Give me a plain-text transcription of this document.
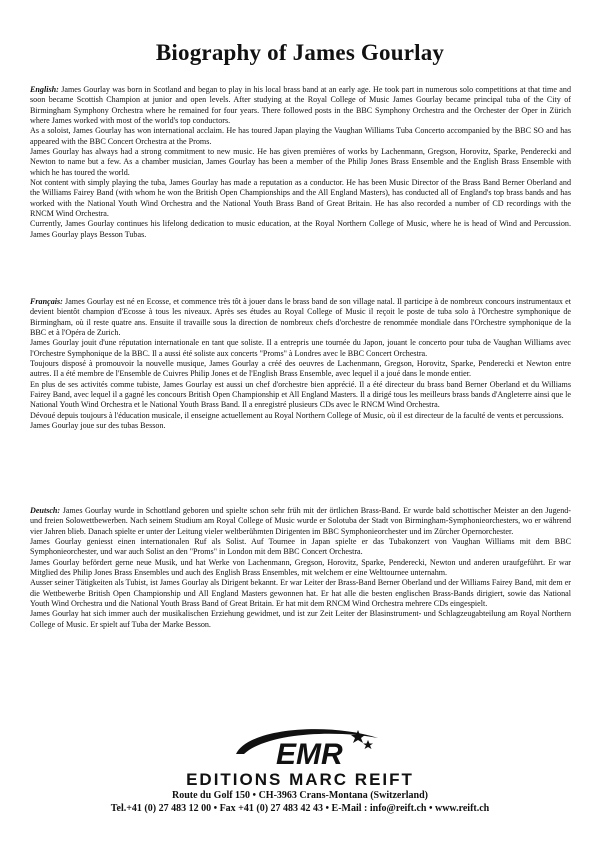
Biography of James Gourlay

English: James Gourlay was born in Scotland and began to play in his local brass band at an early age. He took part in numerous solo competitions at that time and soon became Scottish Champion at junior and open levels. After studying at the Royal College of Music James Gourlay became principal tuba of the City of Birmingham Symphony Orchestra where he remained for four years. There followed posts in the BBC Symphony Orchestra and the Orchester der Oper in Zürich where James worked with most of the world's top conductors.

As a soloist, James Gourlay has won international acclaim. He has toured Japan playing the Vaughan Williams Tuba Concerto accompanied by the BBC SO and has appeared with the BBC Concert Orchestra at the Proms.

James Gourlay has always had a strong commitment to new music. He has given premières of works by Lachenmann, Gregson, Horovitz, Sparke, Penderecki and Newton to name but a few. As a chamber musician, James Gourlay has been a member of the Philip Jones Brass Ensemble and the English Brass Ensemble with which he has toured the world.

Not content with simply playing the tuba, James Gourlay has made a reputation as a conductor. He has been Music Director of the Brass Band Berner Oberland and the Williams Fairey Band (with whom he won the British Open Championships and the All England Masters), has conducted all of England's top brass bands and has worked with the National Youth Wind Orchestra and the National Youth Brass Band of Great Britain. He has also recorded a number of CD recordings with the RNCM Wind Orchestra.

Currently, James Gourlay continues his lifelong dedication to music education, at the Royal Northern College of Music, where he is head of Wind and Percussion. James Gourlay plays Besson Tubas.

Français: James Gourlay est né en Ecosse, et commence très tôt à jouer dans le brass band de son village natal. Il participe à de nombreux concours instrumentaux et devient bientôt champion d'Ecosse à tous les niveaux. Après ses études au Royal College of Music il reçoit le poste de tuba solo à l'Orchestre symphonique de Birmingham, où il reste quatre ans. Ensuite il travaille sous la direction de nombreux chefs d'orchestre de renommée mondiale dans l'Orchestre symphonique de la BBC et à l'Opéra de Zurich.

James Gourlay jouit d'une réputation internationale en tant que soliste. Il a entrepris une tournée du Japon, jouant le concerto pour tuba de Vaughan Williams avec l'Orchestre Symphonique de la BBC. Il a aussi été soliste aux concerts "Proms" à Londres avec le BBC Concert Orchestra.

Toujours disposé à promouvoir la nouvelle musique, James Gourlay a créé des oeuvres de Lachenmann, Gregson, Horovitz, Sparke, Penderecki et Newton entre autres. Il a été membre de l'Ensemble de Cuivres Philip Jones et de l'English Brass Ensemble, avec lequel il a joué dans le monde entier.

En plus de ses activités comme tubiste, James Gourlay est aussi un chef d'orchestre bien apprécié. Il a été directeur du brass band Berner Oberland et du Williams Fairey Band, avec lequel il a gagné les concours British Open Championship et All England Masters. Il a dirigé tous les meilleurs brass bands d'Angleterre ainsi que le National Youth Wind Orchestra et le National Youth Brass Band. Il a enregistré plusieurs CDs avec le RNCM Wind Orchestra.

Dévoué depuis toujours à l'éducation musicale, il enseigne actuellement au Royal Northern College of Music, où il est directeur de la faculté de vents et percussions.

James Gourlay joue sur des tubas Besson.

Deutsch: James Gourlay wurde in Schottland geboren und spielte schon sehr früh mit der örtlichen Brass-Band. Er wurde bald schottischer Meister an den Jugend- und freien Solowettbewerben. Nach seinem Studium am Royal College of Music wurde er Solotuba der Stadt von Birmingham-Symphonieorchesters, wo er während vier Jahren blieb. Danach spielte er unter der Leitung vieler weltberühmten Dirigenten im BBC Symphonieorchester und im Zürcher Opernorchester.

James Gourlay geniesst einen internationalen Ruf als Solist. Auf Tournee in Japan spielte er das Tubakonzert von Vaughan Williams mit dem BBC Symphonieorchester, und war auch Solist an den "Proms" in London mit dem BBC Concert Orchestra.

James Gourlay befördert gerne neue Musik, und hat Werke von Lachenmann, Gregson, Horovitz, Sparke, Penderecki, Newton und anderen uraufgeführt. Er war Mitglied des Philip Jones Brass Ensembles und auch des English Brass Ensembles, mit welchem er eine Welttournee unternahm.

Ausser seiner Tätigkeiten als Tubist, ist James Gourlay als Dirigent bekannt. Er war Leiter der Brass-Band Berner Oberland und der Williams Fairey Band, mit dem er die Wettbewerbe British Open Championship und All England Masters gewonnen hat. Er hat alle die besten englischen Brass-Bands dirigiert, sowie das National Youth Wind Orchestra und die National Youth Brass Band of Great Britain. Er hat mit dem RNCM Wind Orchestra mehrere CDs eingespielt.

James Gourlay hat sich immer auch der musikalischen Erziehung gewidmet, und ist zur Zeit Leiter der Blasinstrument- und Schlagzeugabteilung am Royal Northern College of Music. Er spielt auf Tuba der Marke Besson.

EMR
EDITIONS MARC REIFT
Route du Golf 150 • CH-3963 Crans-Montana (Switzerland)
Tel.+41 (0) 27 483 12 00 • Fax +41 (0) 27 483 42 43 • E-Mail : info@reift.ch • www.reift.ch
